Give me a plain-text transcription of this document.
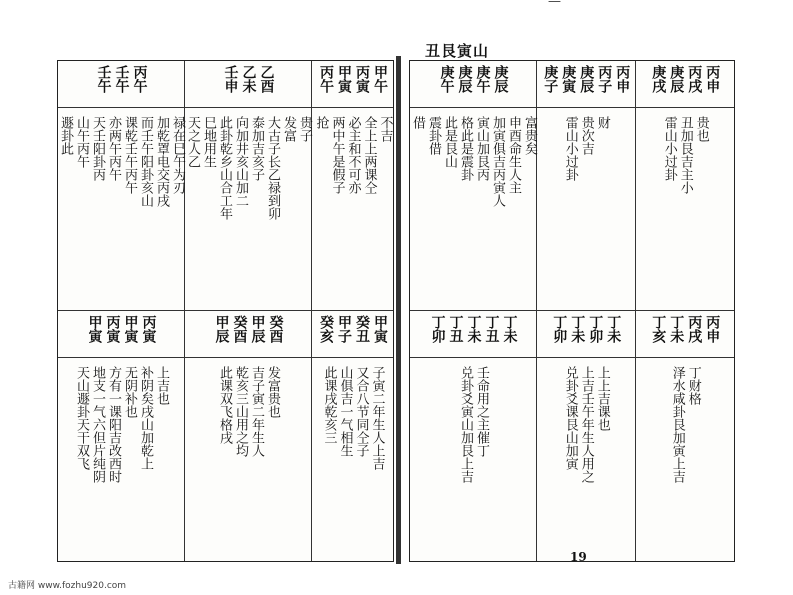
—
丑艮寅山
丙午
壬午
壬午
禄在巳午为刃
加乾罩电交丙戌
而壬午阳卦亥山
课乾壬午丙午
亦两午丙午
天壬阳卦丙
山午丙午
遯卦此
乙酉
乙未
壬申
贵子
发富
大古子长乙禄到卯
泰加吉亥子
向加井亥山加二
此卦乾乡山合工年
巳地用生
天之人乙
甲午
丙寅
甲寅
丙午
不吉
全上上两课仝
必主和不可亦
两中午是假子
抢
丙寅
甲寅
丙寅
甲寅
上吉也
补阴矣戌山加乾上
无阴补也
方有一课阳吉改西时
地支一气六但片纯阴
天山遯卦天干双飞
癸酉
甲辰
癸酉
甲辰
发富贵也
吉子寅二年生人
乾亥三山用之均
此课双飞格戌
甲寅
癸丑
甲子
癸亥
子寅二年生人上吉
又合八节同仝子
山俱吉一气相生
此课戌乾亥三
庚辰
庚午
庚辰
庚午
富贵矣
申酉命生人主
加寅俱吉丙寅人
寅山加艮丙
格此是震卦
此是艮山
震卦借
借
丙申
丙子
庚辰
庚寅
庚子
财
贵次吉
雷山小过卦
丙申
丙戌
庚辰
庚戌
贵也
丑加艮吉主小
雷山小过卦
丁未
丁丑
丁未
丁丑
丁卯
壬命用之主催丁
兑卦爻寅山加艮上吉
丁未
丁卯
丁未
丁卯
上上吉课也
上吉壬午年生人用之
兑卦爻课艮山加寅
丙申
丙戌
丁未
丁亥
丁财格
泽水咸卦艮加寅上吉
19
古籍网 www.fozhu920.com
